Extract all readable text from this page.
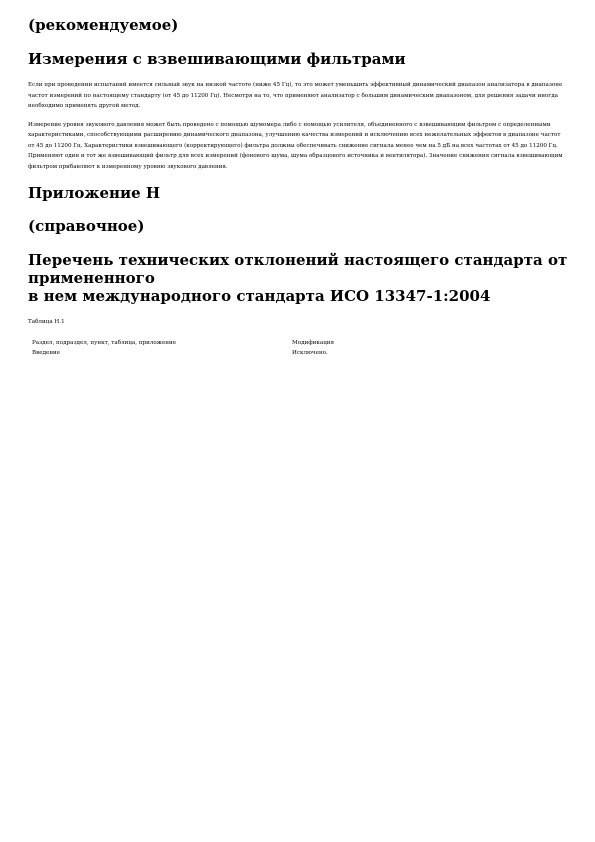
(рекомендуемое)
Измерения с взвешивающими фильтрами

Если при проведении испытаний имеется сильный звук на низкой частоте (ниже 45 Гц), то это может уменьшить эффективный динамический диапазон анализатора в диапазоне частот измерений по настоящему стандарту (от 45 до 11200 Гц). Несмотря на то, что применяют анализатор с большим динамическим диапазоном, для решения задачи иногда необходимо применять другой метод.

Измерение уровня звукового давления может быть проведено с помощью шумомера либо с помощью усилителя, объединенного с взвешивающим фильтром с определенными характеристиками, способствующими расширению динамического диапазона, улучшению качества измерений и исключению всех нежелательных эффектов в диапазоне частот от 45 до 11200 Гц. Характеристики взвешивающего (корректирующего) фильтра должны обеспечивать снижение сигнала менее чем на 5 дБ на всех частотах от 45 до 11200 Гц. Применяют один и тот же взвешивающий фильтр для всех измерений (фонового шума, шума образцового источника и вентилятора). Значение снижения сигнала взвешивающим фильтром прибавляют к измеренному уровню звукового давления.

Приложение Н
(справочное)
Перечень технических отклонений настоящего стандарта от
примененного
в нем международного стандарта ИСО 13347-1:2004
Таблица Н.1
Раздел, подраздел, пункт, таблица, приложение	Модификация
Введение	Исключено.
